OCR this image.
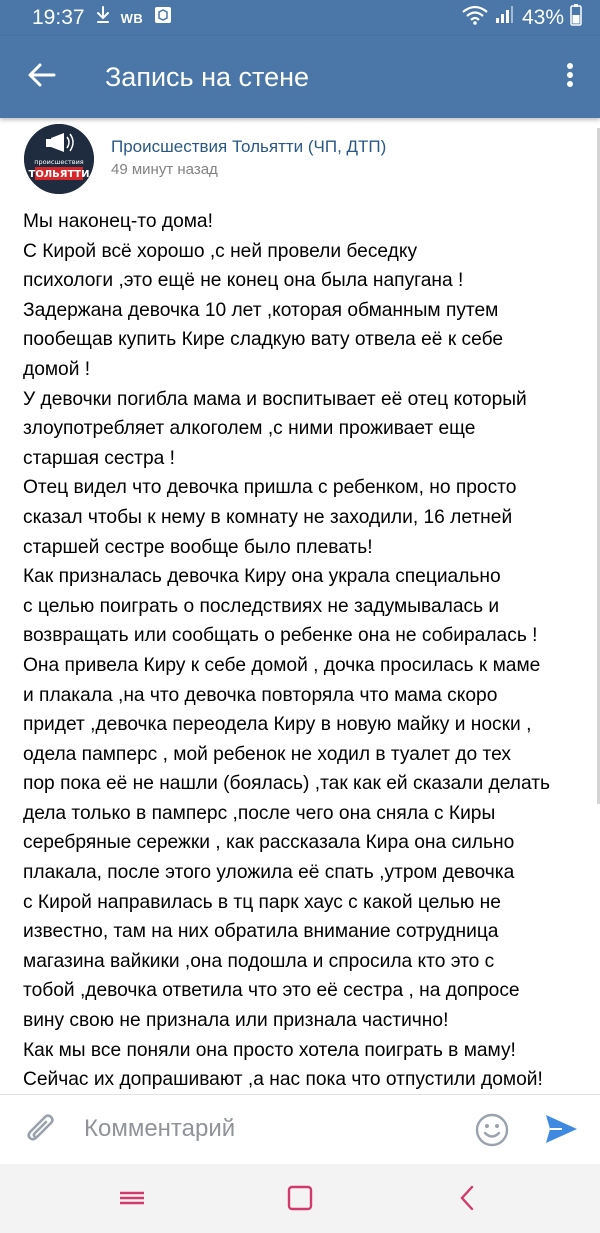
19:37	WB	43%
Запись на стене
происшествия
ТОЛЬЯТТИ
Происшествия Тольятти (ЧП, ДТП)
49 минут назад

Мы наконец-то дома!

С Кирой всё хорошо ,с ней провели беседку

психологи ,это ещё не конец она была напугана !

Задержана девочка 10 лет ,которая обманным путем

пообещав купить Кире сладкую вату отвела её к себе

домой !

У девочки погибла мама и воспитывает её отец который

злоупотребляет алкоголем ,с ними проживает еще

старшая сестра !

Отец видел что девочка пришла с ребенком, но просто

сказал чтобы к нему в комнату не заходили, 16 летней

старшей сестре вообще было плевать!

Как призналась девочка Киру она украла специально

с целью поиграть о последствиях не задумывалась и

возвращать или сообщать о ребенке она не собиралась !

Она привела Киру к себе домой , дочка просилась к маме

и плакала ,на что девочка повторяла что мама скоро

придет ,девочка переодела Киру в новую майку и носки ,

одела памперс , мой ребенок не ходил в туалет до тех

пор пока её не нашли (боялась) ,так как ей сказали делать

дела только в памперс ,после чего она сняла с Киры

серебряные сережки , как рассказала Кира она сильно

плакала, после этого уложила её спать ,утром девочка

с Кирой направилась в тц парк хаус с какой целью не

известно, там на них обратила внимание сотрудница

магазина вайкики ,она подошла и спросила кто это с

тобой ,девочка ответила что это её сестра , на допросе

вину свою не признала или признала частично!

Как мы все поняли она просто хотела поиграть в маму!

Сейчас их допрашивают ,а нас пока что отпустили домой!

Комментарий
